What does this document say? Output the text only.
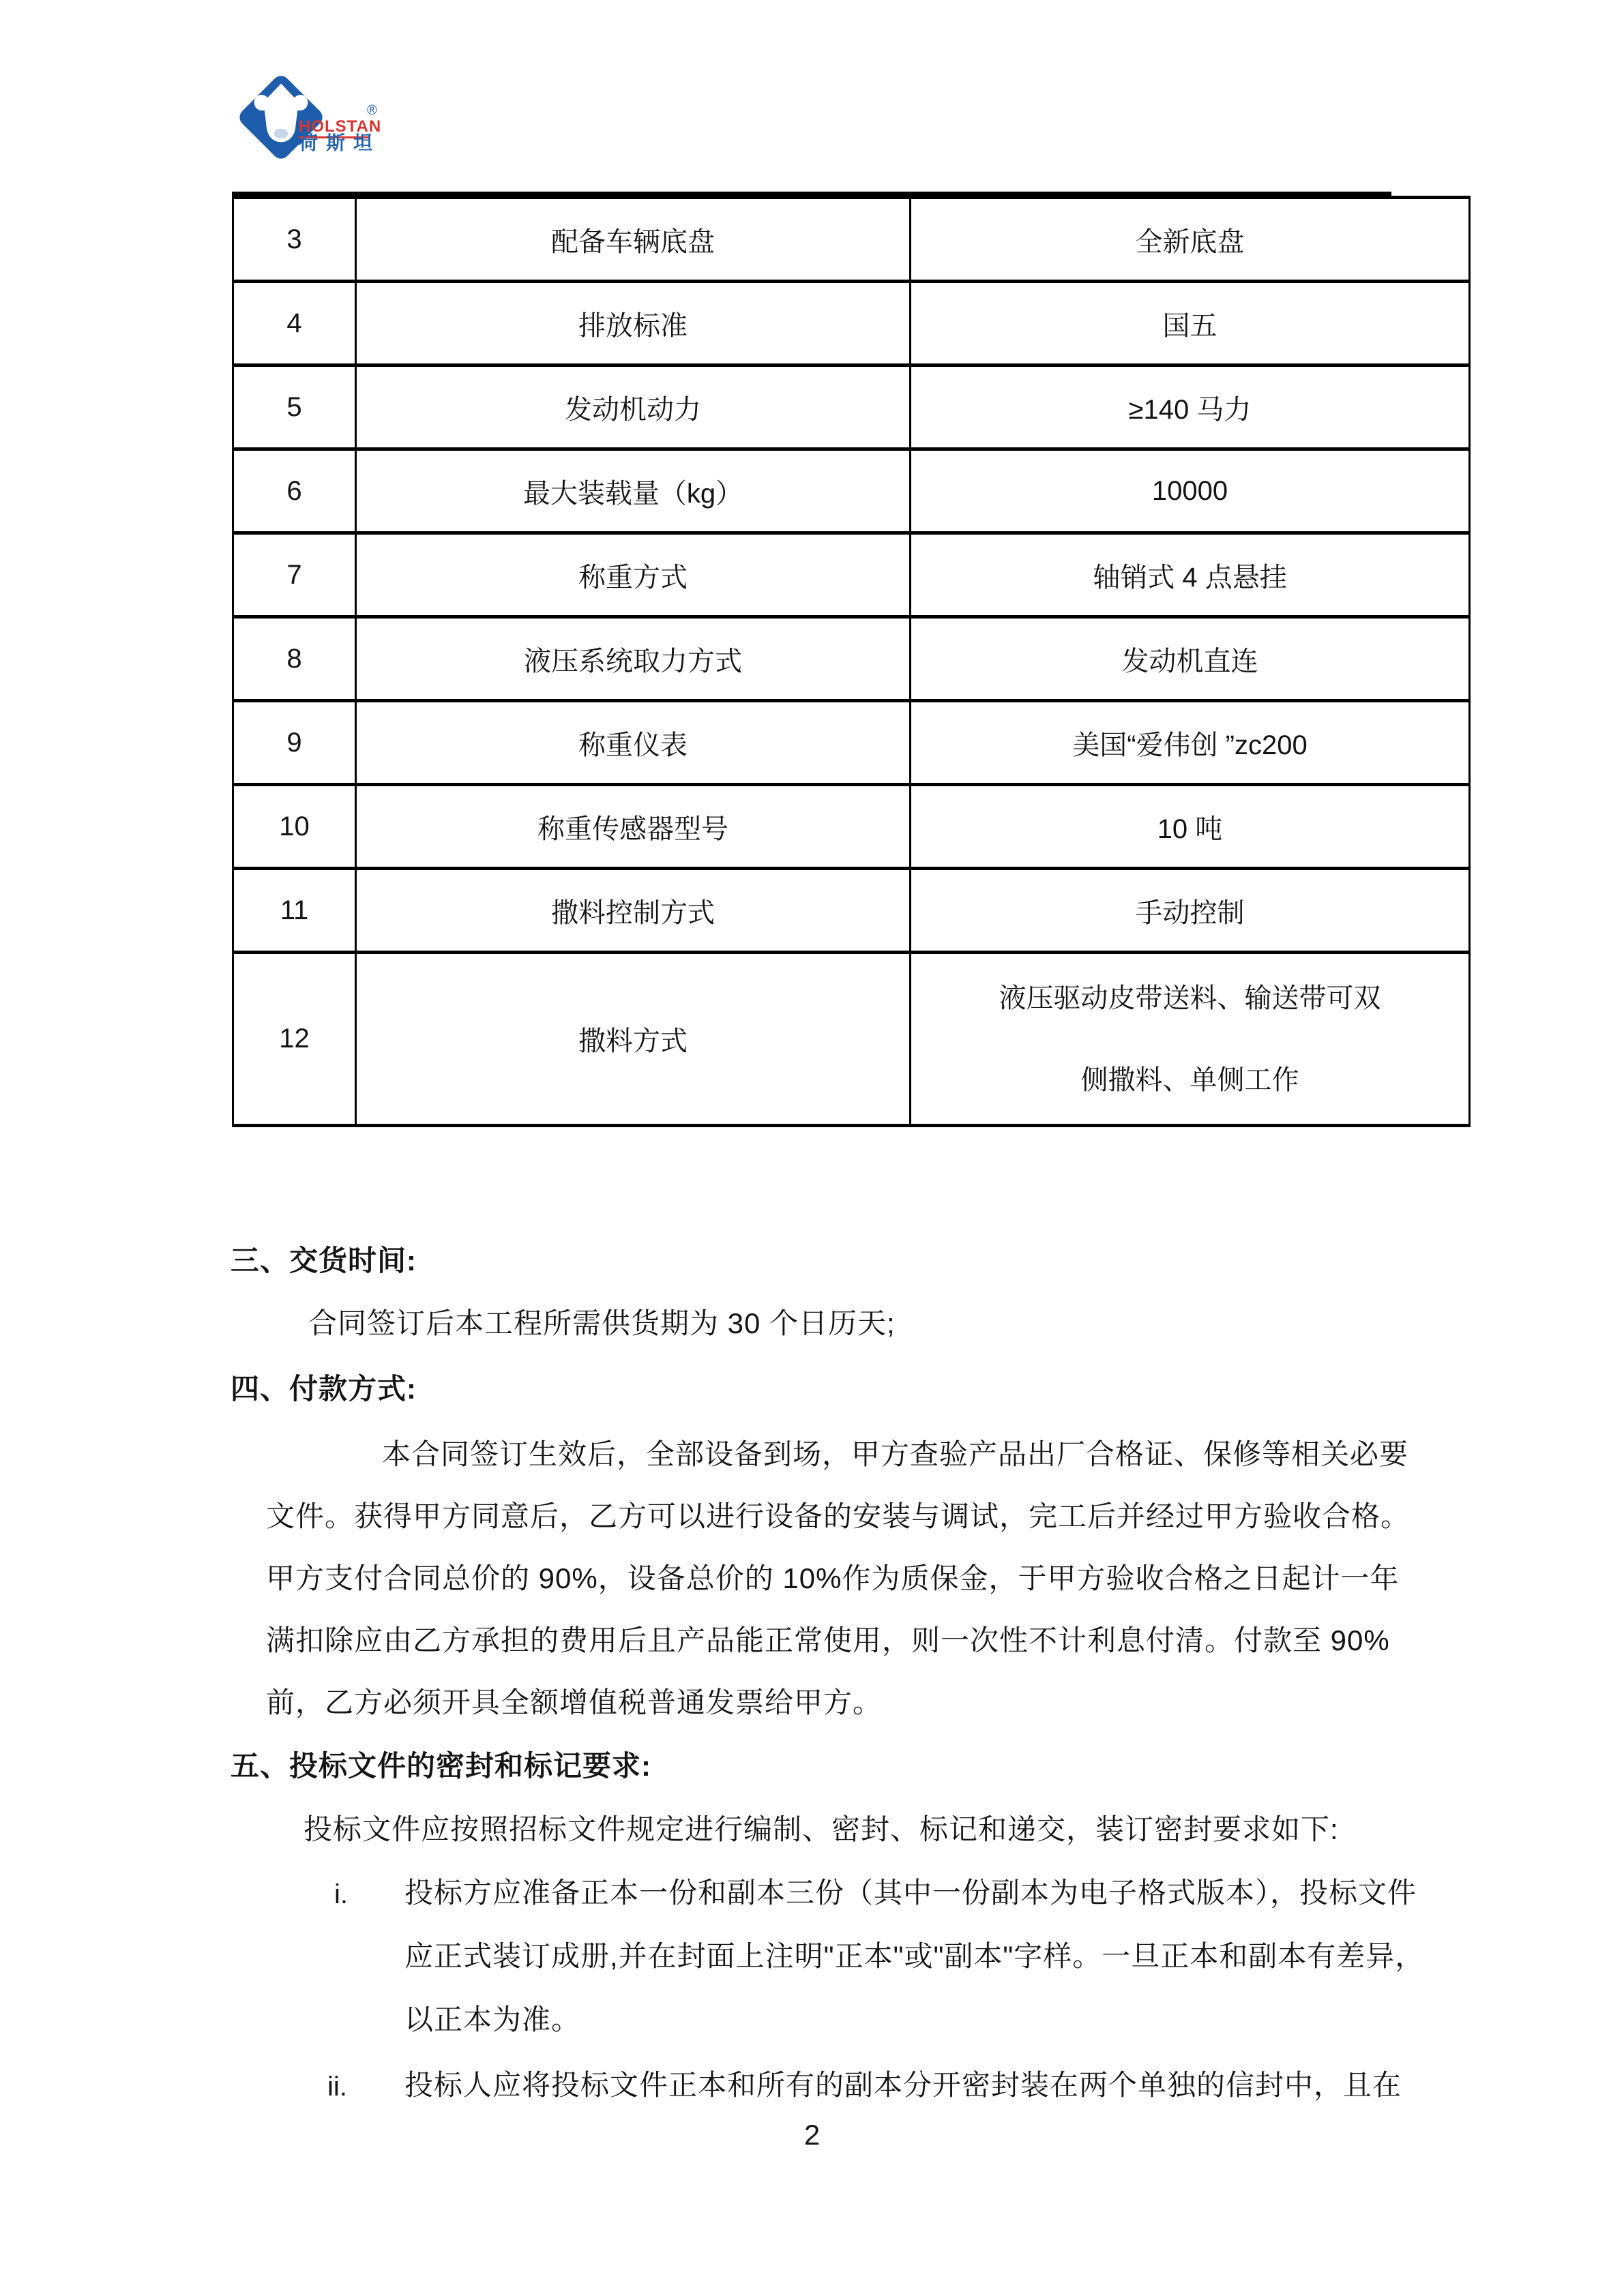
HOLSTAN
®
荷斯坦
3	配备车辆底盘	全新底盘
4	排放标准	国五
5	发动机动力	≥140 马力
6	最大装载量（kg）	10000
7	称重方式	轴销式 4 点悬挂
8	液压系统取力方式	发动机直连
9	称重仪表	美国“爱伟创 ”zc200
10	称重传感器型号	10 吨
11	撒料控制方式	手动控制
12	撒料方式	液压驱动皮带送料、输送带可双
侧撒料、单侧工作
三、交货时间:
合同签订后本工程所需供货期为 30 个日历天;
四、付款方式:
本合同签订生效后，全部设备到场，甲方查验产品出厂合格证、保修等相关必要
文件。获得甲方同意后，乙方可以进行设备的安装与调试，完工后并经过甲方验收合格。
甲方支付合同总价的 90%，设备总价的 10%作为质保金，于甲方验收合格之日起计一年
满扣除应由乙方承担的费用后且产品能正常使用，则一次性不计利息付清。付款至 90%
前，乙方必须开具全额增值税普通发票给甲方。
五、投标文件的密封和标记要求:
投标文件应按照招标文件规定进行编制、密封、标记和递交，装订密封要求如下:
i. 投标方应准备正本一份和副本三份（其中一份副本为电子格式版本），投标文件
应正式装订成册,并在封面上注明"正本"或"副本"字样。一旦正本和副本有差异，
以正本为准。
ii. 投标人应将投标文件正本和所有的副本分开密封装在两个单独的信封中，且在
2
